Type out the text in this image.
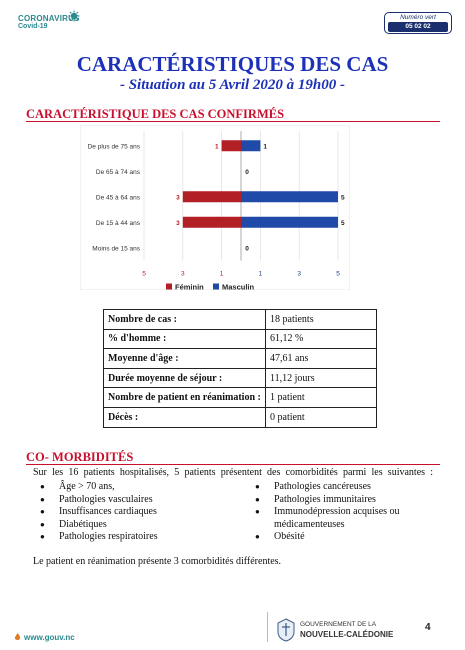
CORONAVIRUS
Covid-19
Numéro vert
05 02 02
CARACTÉRISTIQUES DES CAS
- Situation au 5 Avril 2020 à 19h00 -
CARACTÉRISTIQUE DES CAS CONFIRMÉS
De plus de 75 ans	1	1
De 65 à 74 ans	0
De 45 à 64 ans	3	5
De 15 à 44 ans	3	5
Moins de 15 ans	0
5	3	1	1	3	5
Féminin Masculin
Nombre de cas :	18 patients
% d'homme :	61,12 %
Moyenne d'âge :	47,61 ans
Durée moyenne de séjour :	11,12 jours
Nombre de patient en réanimation :	1 patient
Décès :	0 patient
CO- MORBIDITÉS
Sur les 16 patients hospitalisés, 5 patients présentent des comorbidités parmi les suivantes :
● Âge > 70 ans,
● Pathologies vasculaires
● Insuffisances cardiaques
● Diabétiques
● Pathologies respiratoires
● Pathologies cancéreuses
● Pathologies immunitaires
● Immunodépression acquises ou médicamenteuses
● Obésité
Le patient en réanimation présente 3 comorbidités différentes.
www.gouv.nc
GOUVERNEMENT DE LA
NOUVELLE-CALÉDONIE
4
